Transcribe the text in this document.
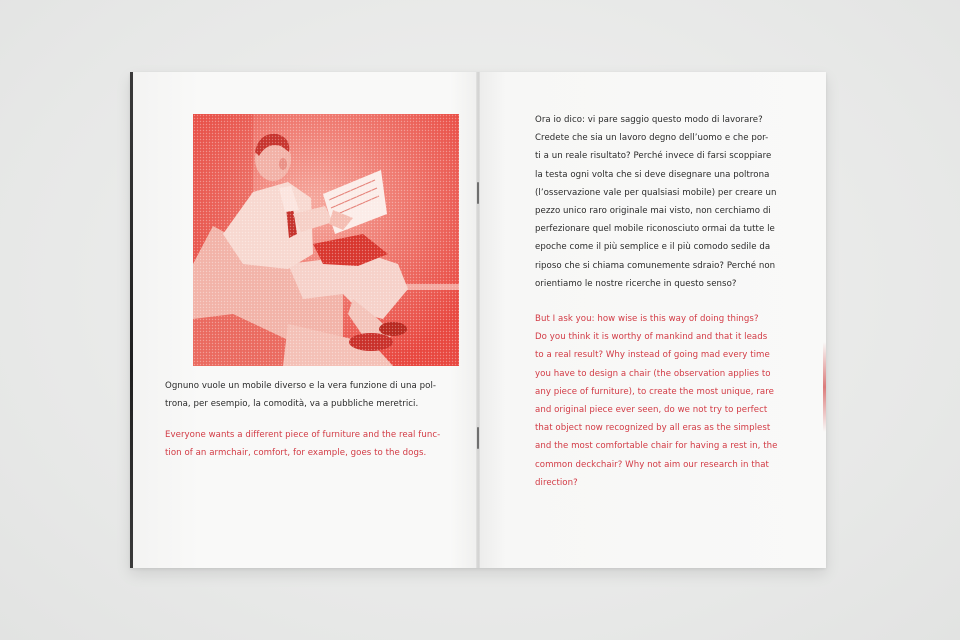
Ognuno vuole un mobile diverso e la vera funzione di una pol-
trona, per esempio, la comodità, va a pubbliche meretrici.
Everyone wants a different piece of furniture and the real func-
tion of an armchair, comfort, for example, goes to the dogs.
Ora io dico: vi pare saggio questo modo di lavorare?
Credete che sia un lavoro degno dell’uomo e che por-
ti a un reale risultato? Perché invece di farsi scoppiare
la testa ogni volta che si deve disegnare una poltrona
(l’osservazione vale per qualsiasi mobile) per creare un
pezzo unico raro originale mai visto, non cerchiamo di
perfezionare quel mobile riconosciuto ormai da tutte le
epoche come il più semplice e il più comodo sedile da
riposo che si chiama comunemente sdraio? Perché non
orientiamo le nostre ricerche in questo senso?
But I ask you: how wise is this way of doing things?
Do you think it is worthy of mankind and that it leads
to a real result? Why instead of going mad every time
you have to design a chair (the observation applies to
any piece of furniture), to create the most unique, rare
and original piece ever seen, do we not try to perfect
that object now recognized by all eras as the simplest
and the most comfortable chair for having a rest in, the
common deckchair? Why not aim our research in that
direction?
